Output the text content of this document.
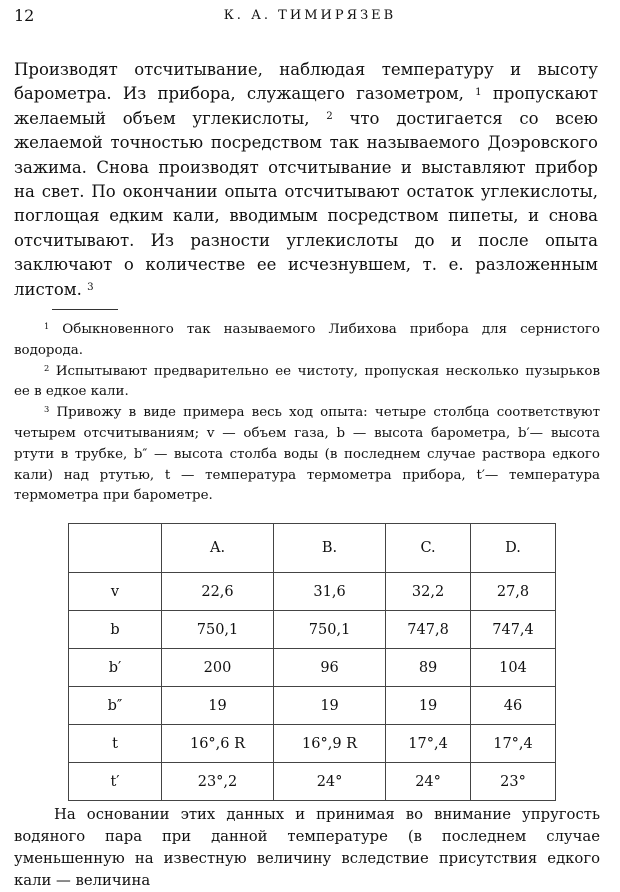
12	К. А. ТИМИРЯЗЕВ

Производят отсчитывание, наблюдая температуру и высоту барометра. Из прибора, служащего газометром, $^1$ пропускают желаемый объем углекислоты, $^2$ что достигается со всею желаемой точностью посредством так называемого Доэровского зажима. Снова производят отсчитывание и выставляют прибор на свет. По окончании опыта отсчитывают остаток углекислоты, поглощая едким кали, вводимым посредством пипеты, и снова отсчитывают. Из разности углекислоты до и после опыта заключают о количестве ее исчезнувшем, т. е. разложенным листом. $^3$

$^1$ Обыкновенного так называемого Либихова прибора для сернистого водорода.

$^2$ Испытывают предварительно ее чистоту, пропуская несколько пузырьков ее в едкое кали.

$^3$ Привожу в виде примера весь ход опыта: четыре столбца соответствуют четырем отсчитываниям; v — объем газа, b — высота барометра, b′— высота ртути в трубке, b″ — высота столба воды (в последнем случае раствора едкого кали) над ртутью, t — температура термометра прибора, t′— температура термометра при барометре.

	A.	B.	C.	D.
v	22,6	31,6	32,2	27,8
b	750,1	750,1	747,8	747,4
b′	200	96	89	104
b″	19	19	19	46
t	16°,6 R	16°,9 R	17°,4	17°,4
t′	23°,2	24°	24°	23°

На основании этих данных и принимая во внимание упругость водяного пара при данной температуре (в последнем случае уменьшенную на известную величину вследствие присутствия едкого кали — величина
